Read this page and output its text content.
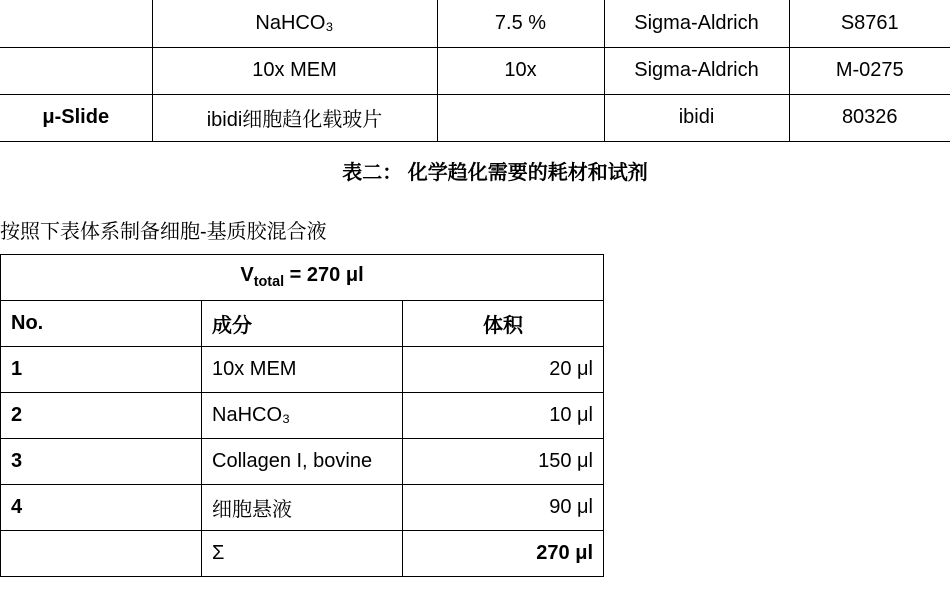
	NaHCO₃	7.5 %	Sigma-Aldrich	S8761
	10x MEM	10x	Sigma-Aldrich	M-0275
μ-Slide	ibidi细胞趋化载玻片		ibidi	80326
表二： 化学趋化需要的耗材和试剂
按照下表体系制备细胞-基质胶混合液
$V_{total} = 270$ μl		
No.	成分	体积
1	10x MEM	20 μl
2	NaHCO₃	10 μl
3	Collagen I, bovine	150 μl
4	细胞悬液	90 μl
	Σ	270 μl
